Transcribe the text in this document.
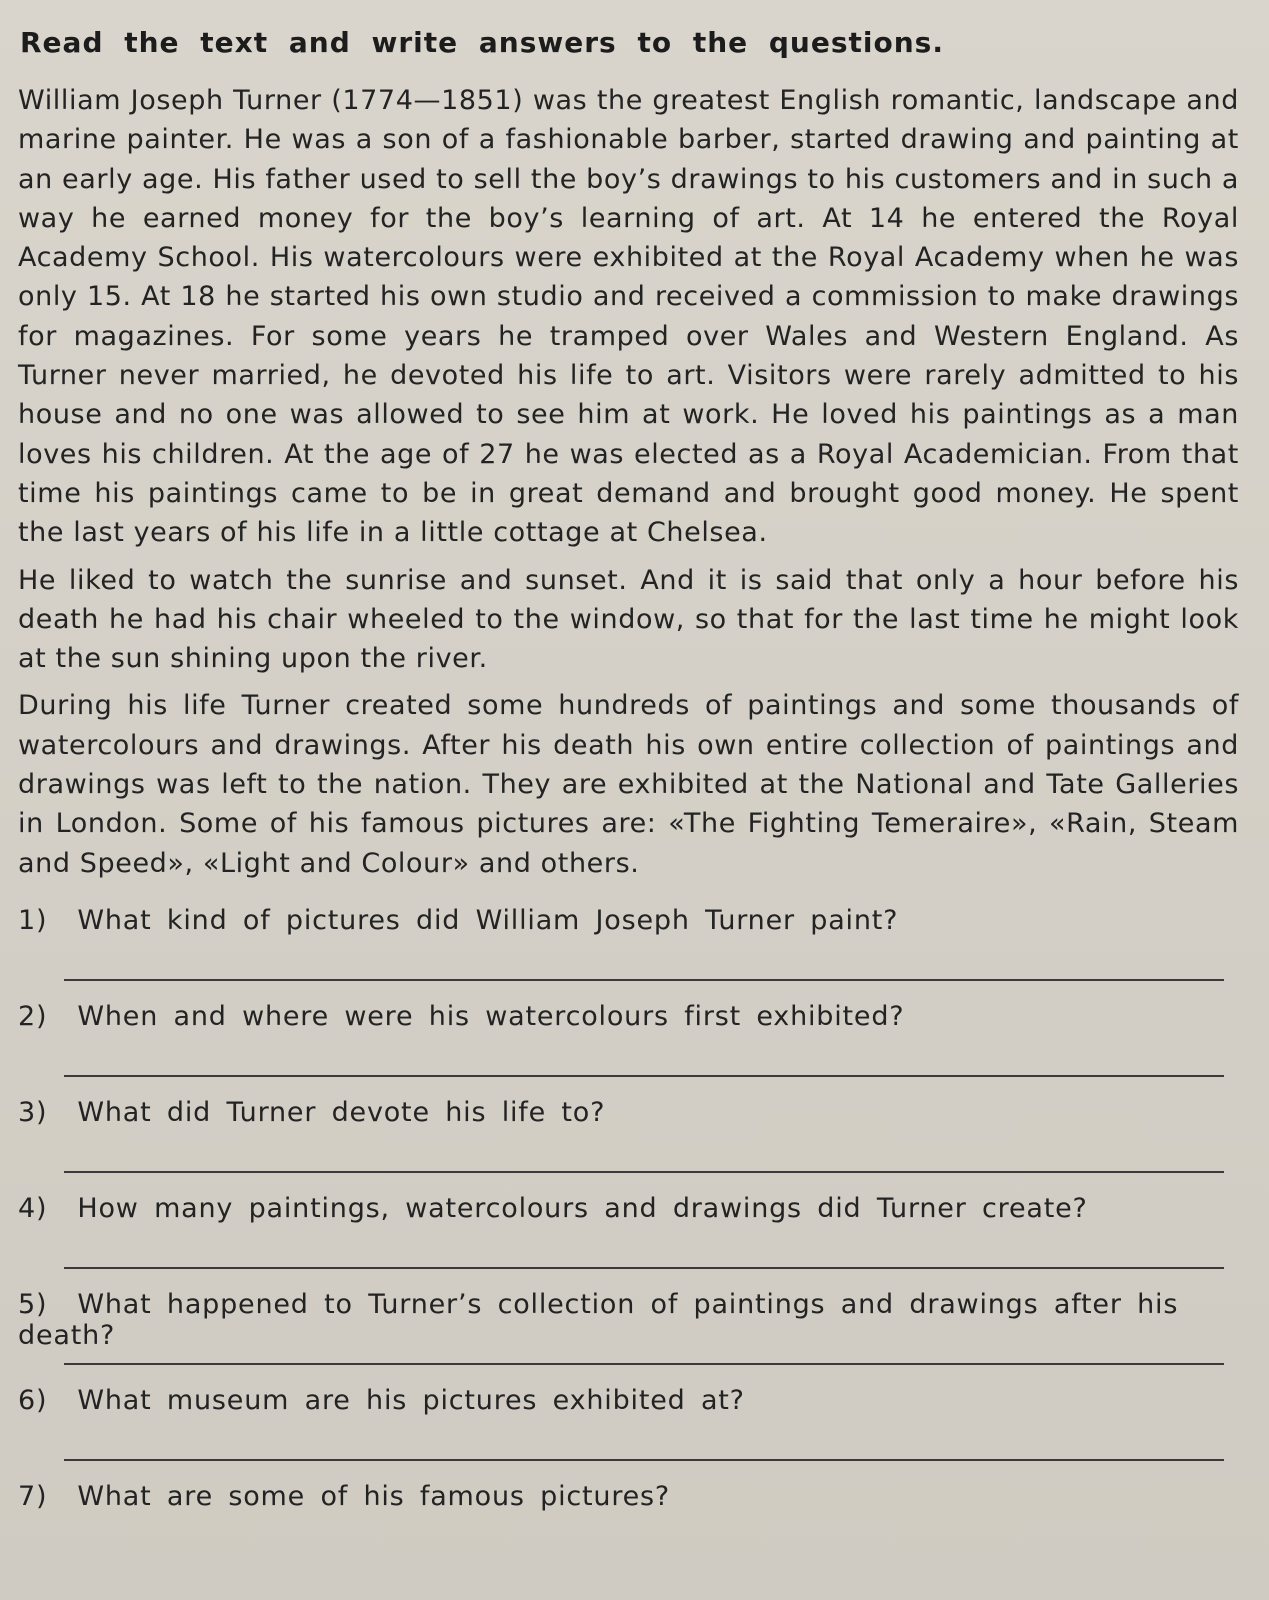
Read the text and write answers to the questions.

William Joseph Turner (1774—1851) was the greatest English romantic, landscape and marine painter. He was a son of a fashionable barber, started drawing and painting at an early age. His father used to sell the boy’s drawings to his customers and in such a way he earned money for the boy’s learning of art. At 14 he entered the Royal Academy School. His watercolours were exhibited at the Royal Academy when he was only 15. At 18 he started his own studio and received a commission to make drawings for magazines. For some years he tramped over Wales and Western England. As Turner never married, he devoted his life to art. Visitors were rarely admitted to his house and no one was allowed to see him at work. He loved his paintings as a man loves his children. At the age of 27 he was elected as a Royal Academician. From that time his paintings came to be in great demand and brought good money. He spent the last years of his life in a little cottage at Chelsea.

He liked to watch the sunrise and sunset. And it is said that only a hour before his death he had his chair wheeled to the window, so that for the last time he might look at the sun shining upon the river.

During his life Turner created some hundreds of paintings and some thousands of watercolours and drawings. After his death his own entire collection of paintings and drawings was left to the nation. They are exhibited at the National and Tate Galleries in London. Some of his famous pictures are: «The Fighting Temeraire», «Rain, Steam and Speed», «Light and Colour» and others.

1) What kind of pictures did William Joseph Turner paint?
2) When and where were his watercolours first exhibited?
3) What did Turner devote his life to?
4) How many paintings, watercolours and drawings did Turner create?
5) What happened to Turner’s collection of paintings and drawings after his death?
6) What museum are his pictures exhibited at?
7) What are some of his famous pictures?
